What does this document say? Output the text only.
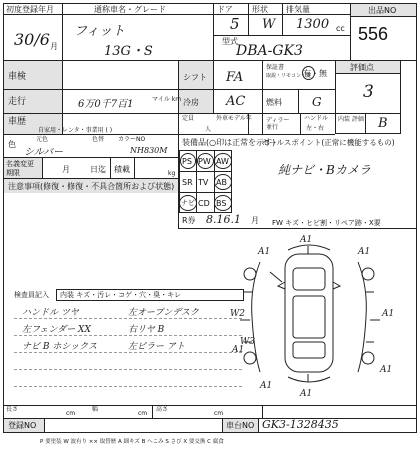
初度登録年月
30/6 月
通称車名・グレード
フィット
13G・S
ドア
5
形状
W
排気量
1300 cc
型式
DBA-GK3
出品NO
556
車検
走行	6万0千7百1	マイル km
車歴
自家用・レンタ・事業用 ( )
シフト FA
冷房 AC
定員
人
外車モデル年
保証書
取説・リモコン・鍵
有・無
燃料	G
ディラー 並行
ハンドル
左・右
評価点
3
内装 評価 B
色
元色
シルバー
色替 カラーNO
NH830M
名義変更 期限	月	日迄 積載	kg
注意事項(修復・修復・不具合箇所および状態)
装備品(○印は正常を示す)
PS PW AW
SR TV AB
ナビ CD BS
R券 8.16.1 月
セールスポイント(正常に機能するもの)
純ナビ・Bカメラ
FW キズ・ヒビ割・リペア跡・X要
A1
A1	A1
W2	A1
A1
W3
A1
A1
A1
検査員記入 内装 キズ・汚レ・コゲ・穴・臭・キレ
ハンドル ツヤ
左フェンダー XX
ナビ B ホシックス
左オープンデスク
右リヤ B
左ピラー アト
長さ
cm
幅
cm
高さ
cm
登録NO	車台NO GK3-1328435
P 要塗装 W 波有り ×× 取替歴 A 細キズ B へこみ S さび X 要交換 C 腐食
